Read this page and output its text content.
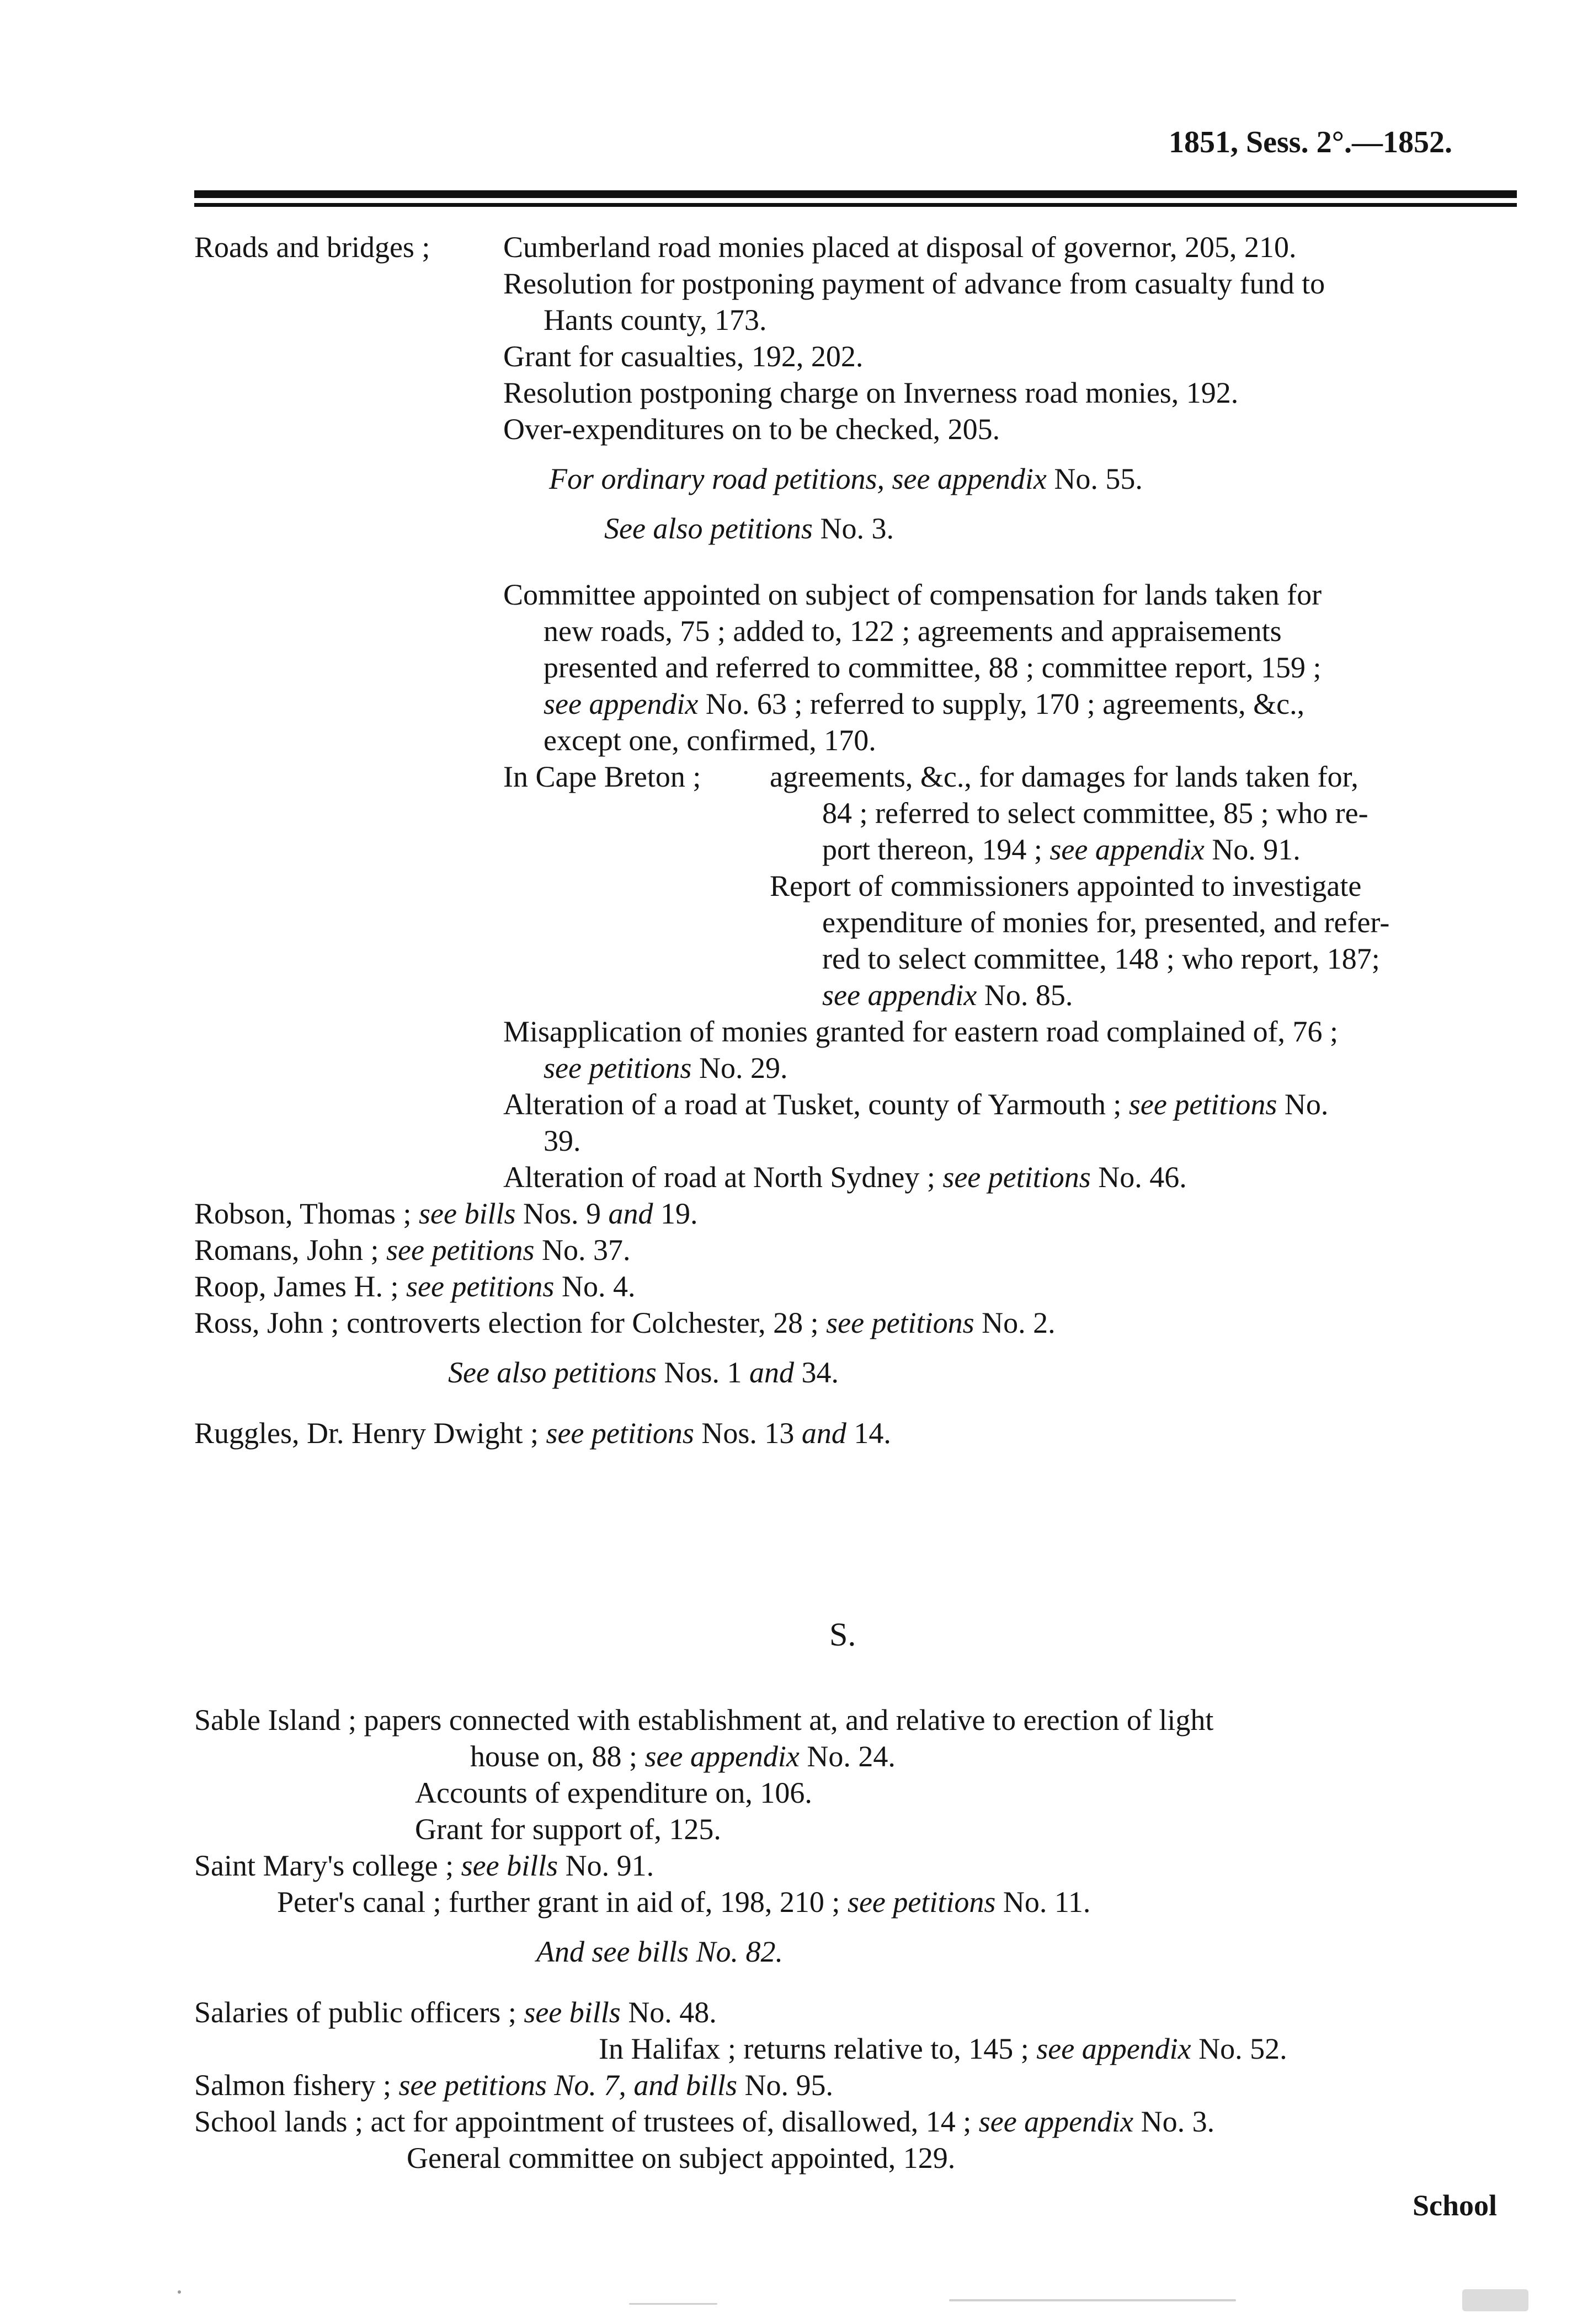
1851, Sess. 2°.—1852.
Roads and bridges ; Cumberland road monies placed at disposal of governor, 205, 210.
Resolution for postponing payment of advance from casualty fund to
Hants county, 173.
Grant for casualties, 192, 202.
Resolution postponing charge on Inverness road monies, 192.
Over-expenditures on to be checked, 205.
For ordinary road petitions, see appendix No. 55.
See also petitions No. 3.
Committee appointed on subject of compensation for lands taken for
new roads, 75 ; added to, 122 ; agreements and appraisements
presented and referred to committee, 88 ; committee report, 159 ;
see appendix No. 63 ; referred to supply, 170 ; agreements, &c.,
except one, confirmed, 170.
In Cape Breton ; agreements, &c., for damages for lands taken for,
84 ; referred to select committee, 85 ; who re-
port thereon, 194 ; see appendix No. 91.
Report of commissioners appointed to investigate
expenditure of monies for, presented, and refer-
red to select committee, 148 ; who report, 187;
see appendix No. 85.
Misapplication of monies granted for eastern road complained of, 76 ;
see petitions No. 29.
Alteration of a road at Tusket, county of Yarmouth ; see petitions No.
39.
Alteration of road at North Sydney ; see petitions No. 46.
Robson, Thomas ; see bills Nos. 9 and 19.
Romans, John ; see petitions No. 37.
Roop, James H. ; see petitions No. 4.
Ross, John ; controverts election for Colchester, 28 ; see petitions No. 2.
See also petitions Nos. 1 and 34.
Ruggles, Dr. Henry Dwight ; see petitions Nos. 13 and 14.
S.
Sable Island ; papers connected with establishment at, and relative to erection of light
house on, 88 ; see appendix No. 24.
Accounts of expenditure on, 106.
Grant for support of, 125.
Saint Mary's college ; see bills No. 91.
Peter's canal ; further grant in aid of, 198, 210 ; see petitions No. 11.
And see bills No. 82.
Salaries of public officers ; see bills No. 48.
In Halifax ; returns relative to, 145 ; see appendix No. 52.
Salmon fishery ; see petitions No. 7, and bills No. 95.
School lands ; act for appointment of trustees of, disallowed, 14 ; see appendix No. 3.
General committee on subject appointed, 129.
School
